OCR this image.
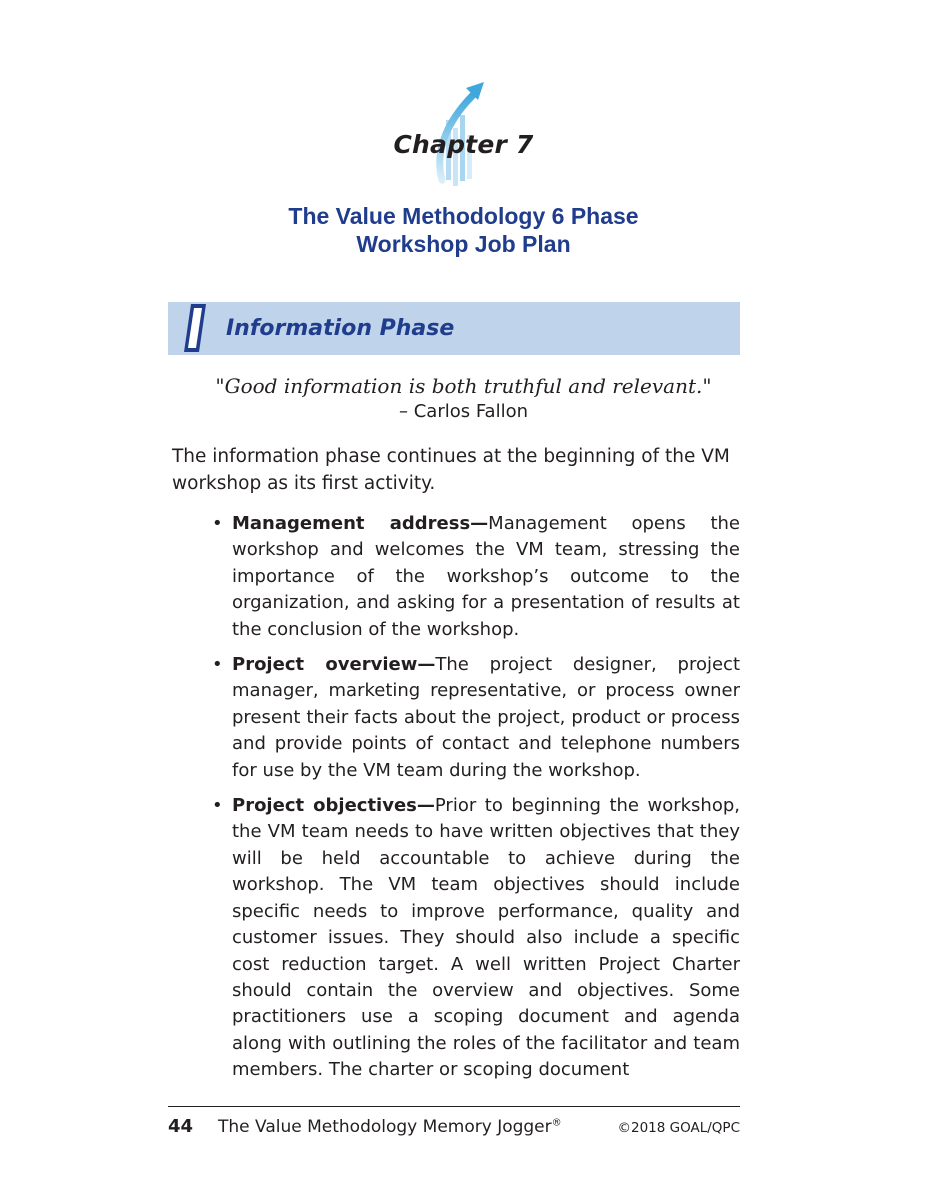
Chapter 7
The Value Methodology 6 Phase
Workshop Job Plan
Information Phase
"Good information is both truthful and relevant."
– Carlos Fallon

The information phase continues at the beginning of the VM workshop as its first activity.

• Management address—Management opens the workshop and welcomes the VM team, stressing the importance of the workshop’s outcome to the organization, and asking for a presentation of results at the conclusion of the workshop.
• Project overview—The project designer, project manager, marketing representative, or process owner present their facts about the project, product or process and provide points of contact and telephone numbers for use by the VM team during the workshop.
• Project objectives—Prior to beginning the workshop, the VM team needs to have written objectives that they will be held accountable to achieve during the workshop. The VM team objectives should include specific needs to improve performance, quality and customer issues. They should also include a specific cost reduction target. A well written Project Charter should contain the overview and objectives. Some practitioners use a scoping document and agenda along with outlining the roles of the facilitator and team members. The charter or scoping document
44 The Value Methodology Memory Jogger®	©2018 GOAL/QPC
